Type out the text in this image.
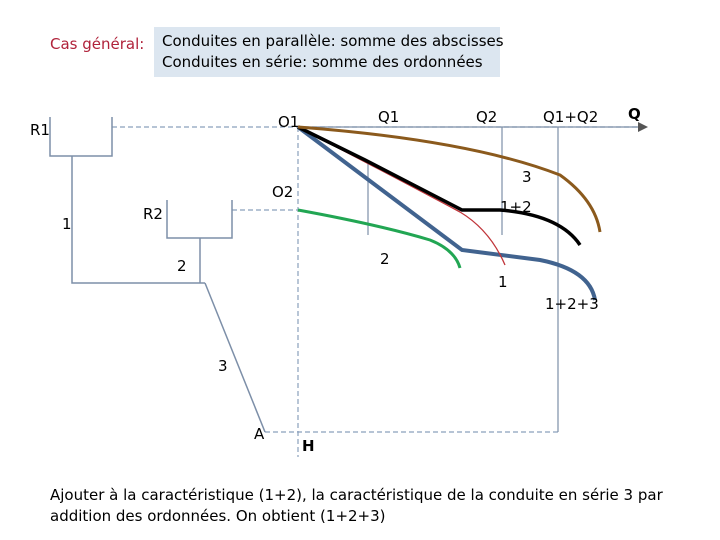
Cas général: Conduites en parallèle: somme des abscisses
Conduites en série: somme des ordonnées
R1
R2
1
2
3
O1
O2
A
Q
H
Q1	Q2	Q1+Q2
3
1+2
2
1
1+2+3
Ajouter à la caractéristique (1+2), la caractéristique de la conduite en série 3 par addition des ordonnées. On obtient (1+2+3)
